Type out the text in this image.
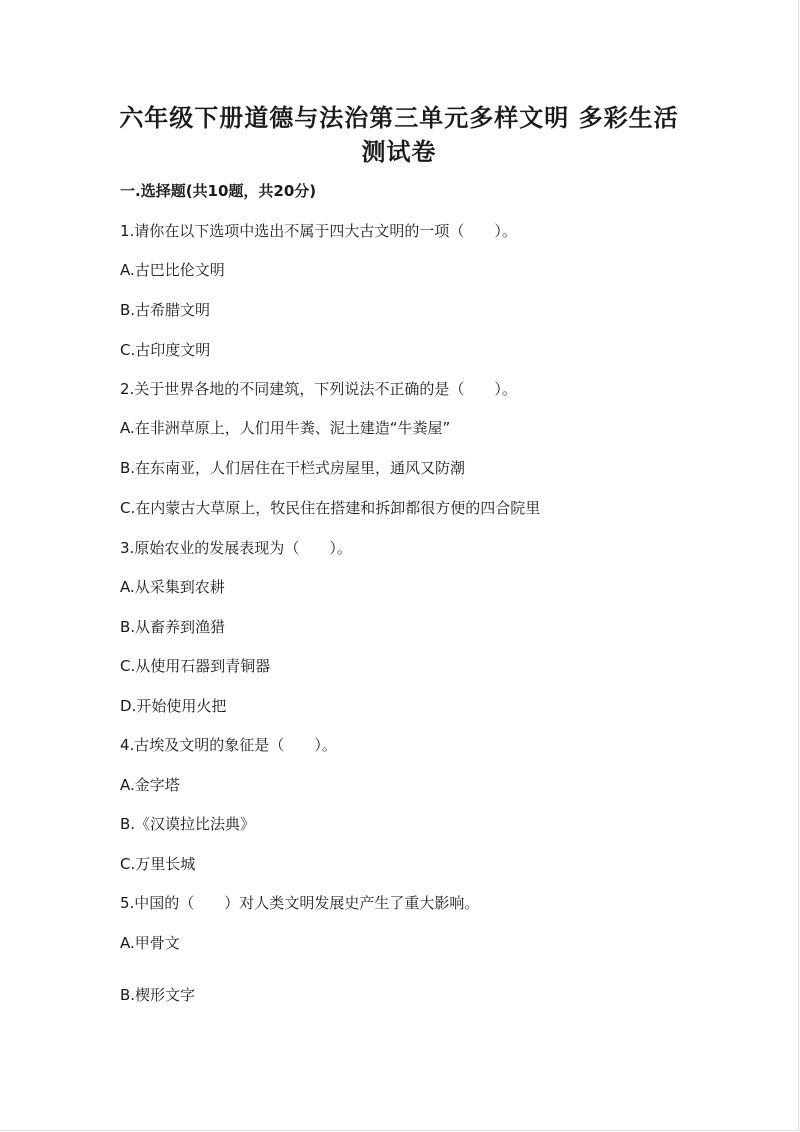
六年级下册道德与法治第三单元多样文明 多彩生活
测试卷
一.选择题(共10题，共20分)
1.请你在以下选项中选出不属于四大古文明的一项（　　）。
A.古巴比伦文明
B.古希腊文明
C.古印度文明
2.关于世界各地的不同建筑，下列说法不正确的是（　　）。
A.在非洲草原上，人们用牛粪、泥土建造“牛粪屋”
B.在东南亚，人们居住在干栏式房屋里，通风又防潮
C.在内蒙古大草原上，牧民住在搭建和拆卸都很方便的四合院里
3.原始农业的发展表现为（　　）。
A.从采集到农耕
B.从畜养到渔猎
C.从使用石器到青铜器
D.开始使用火把
4.古埃及文明的象征是（　　）。
A.金字塔
B.《汉谟拉比法典》
C.万里长城
5.中国的（　　）对人类文明发展史产生了重大影响。
A.甲骨文
B.楔形文字
